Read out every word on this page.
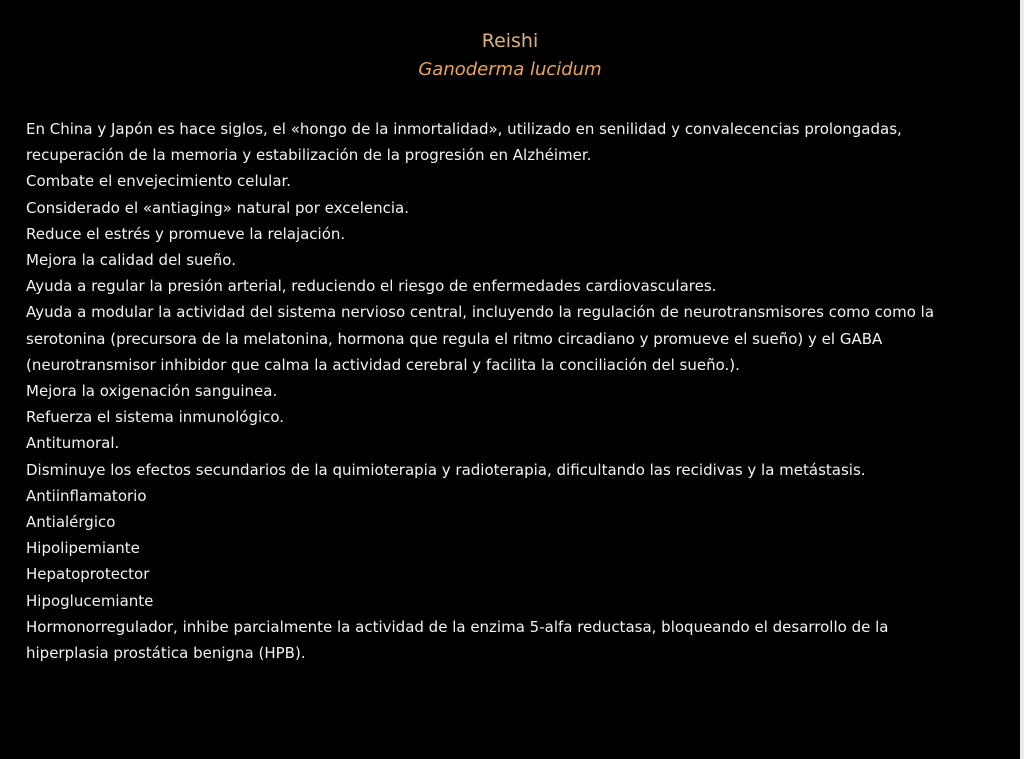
Reishi
Ganoderma lucidum
En China y Japón es hace siglos, el «hongo de la inmortalidad», utilizado en senilidad y convalecencias prolongadas, recuperación de la memoria y estabilización de la progresión en Alzhéimer.
Combate el envejecimiento celular.
Considerado el «antiaging» natural por excelencia.
Reduce el estrés y promueve la relajación.
Mejora la calidad del sueño.
Ayuda a regular la presión arterial, reduciendo el riesgo de enfermedades cardiovasculares.
Ayuda a modular la actividad del sistema nervioso central, incluyendo la regulación de neurotransmisores como como la serotonina (precursora de la melatonina, hormona que regula el ritmo circadiano y promueve el sueño) y el GABA (neurotransmisor inhibidor que calma la actividad cerebral y facilita la conciliación del sueño.).
Mejora la oxigenación sanguinea.
Refuerza el sistema inmunológico.
Antitumoral.
Disminuye los efectos secundarios de la quimioterapia y radioterapia, dificultando las recidivas y la metástasis.
Antiinflamatorio
Antialérgico
Hipolipemiante
Hepatoprotector
Hipoglucemiante
Hormonorregulador, inhibe parcialmente la actividad de la enzima 5-alfa reductasa, bloqueando el desarrollo de la hiperplasia prostática benigna (HPB).
